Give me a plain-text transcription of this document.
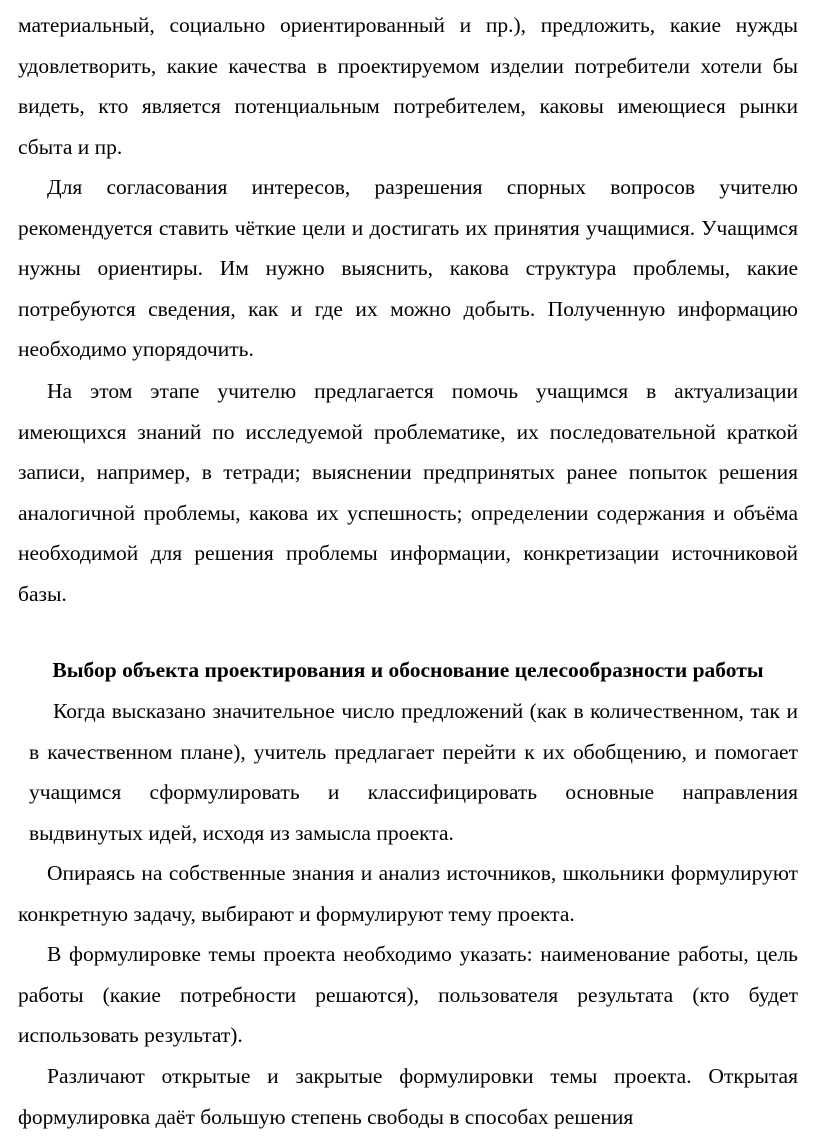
материальный, социально ориентированный и пр.), предложить, какие нужды удовлетворить, какие качества в проектируемом изделии потребители хотели бы видеть, кто является потенциальным потребителем, каковы имеющиеся рынки сбыта и пр.

Для согласования интересов, разрешения спорных вопросов учителю рекомендуется ставить чёткие цели и достигать их принятия учащимися. Учащимся нужны ориентиры. Им нужно выяснить, какова структура проблемы, какие потребуются сведения, как и где их можно добыть. Полученную информацию необходимо упорядочить.

На этом этапе учителю предлагается помочь учащимся в актуализации имеющихся знаний по исследуемой проблематике, их последовательной краткой записи, например, в тетради; выяснении предпринятых ранее попыток решения аналогичной проблемы, какова их успешность; определении содержания и объёма необходимой для решения проблемы информации, конкретизации источниковой базы.

Выбор объекта проектирования и обоснование целесообразности работы

Когда высказано значительное число предложений (как в количественном, так и в качественном плане), учитель предлагает перейти к их обобщению, и помогает учащимся сформулировать и классифицировать основные направления выдвинутых идей, исходя из замысла проекта.

Опираясь на собственные знания и анализ источников, школьники формулируют конкретную задачу, выбирают и формулируют тему проекта.

В формулировке темы проекта необходимо указать: наименование работы, цель работы (какие потребности решаются), пользователя результата (кто будет использовать результат).

Различают открытые и закрытые формулировки темы проекта. Открытая формулировка даёт большую степень свободы в способах решения
